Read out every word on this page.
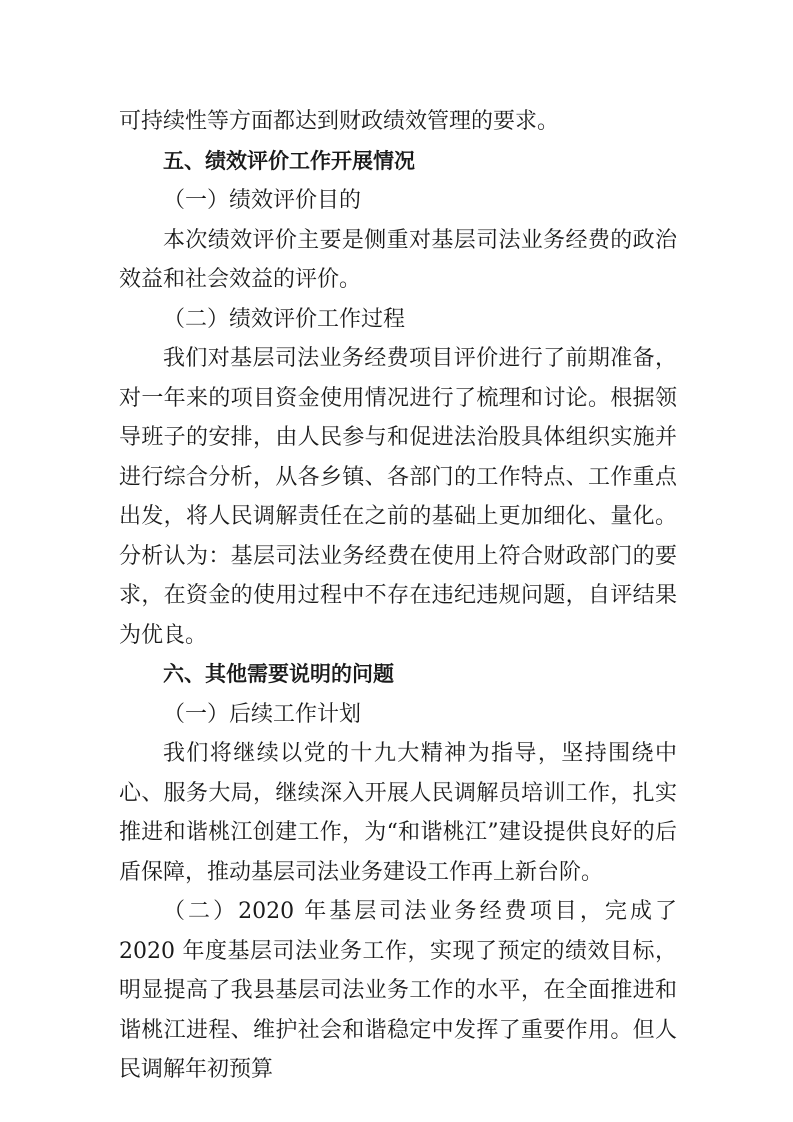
可持续性等方面都达到财政绩效管理的要求。

五、绩效评价工作开展情况

（一）绩效评价目的

本次绩效评价主要是侧重对基层司法业务经费的政治效益和社会效益的评价。

（二）绩效评价工作过程

我们对基层司法业务经费项目评价进行了前期准备，对一年来的项目资金使用情况进行了梳理和讨论。根据领导班子的安排，由人民参与和促进法治股具体组织实施并进行综合分析，从各乡镇、各部门的工作特点、工作重点出发，将人民调解责任在之前的基础上更加细化、量化。分析认为：基层司法业务经费在使用上符合财政部门的要求，在资金的使用过程中不存在违纪违规问题，自评结果为优良。

六、其他需要说明的问题

（一）后续工作计划

我们将继续以党的十九大精神为指导，坚持围绕中心、服务大局，继续深入开展人民调解员培训工作，扎实推进和谐桃江创建工作，为“和谐桃江”建设提供良好的后盾保障，推动基层司法业务建设工作再上新台阶。

（二）2020 年基层司法业务经费项目，完成了 2020 年度基层司法业务工作，实现了预定的绩效目标，明显提高了我县基层司法业务工作的水平，在全面推进和谐桃江进程、维护社会和谐稳定中发挥了重要作用。但人民调解年初预算
